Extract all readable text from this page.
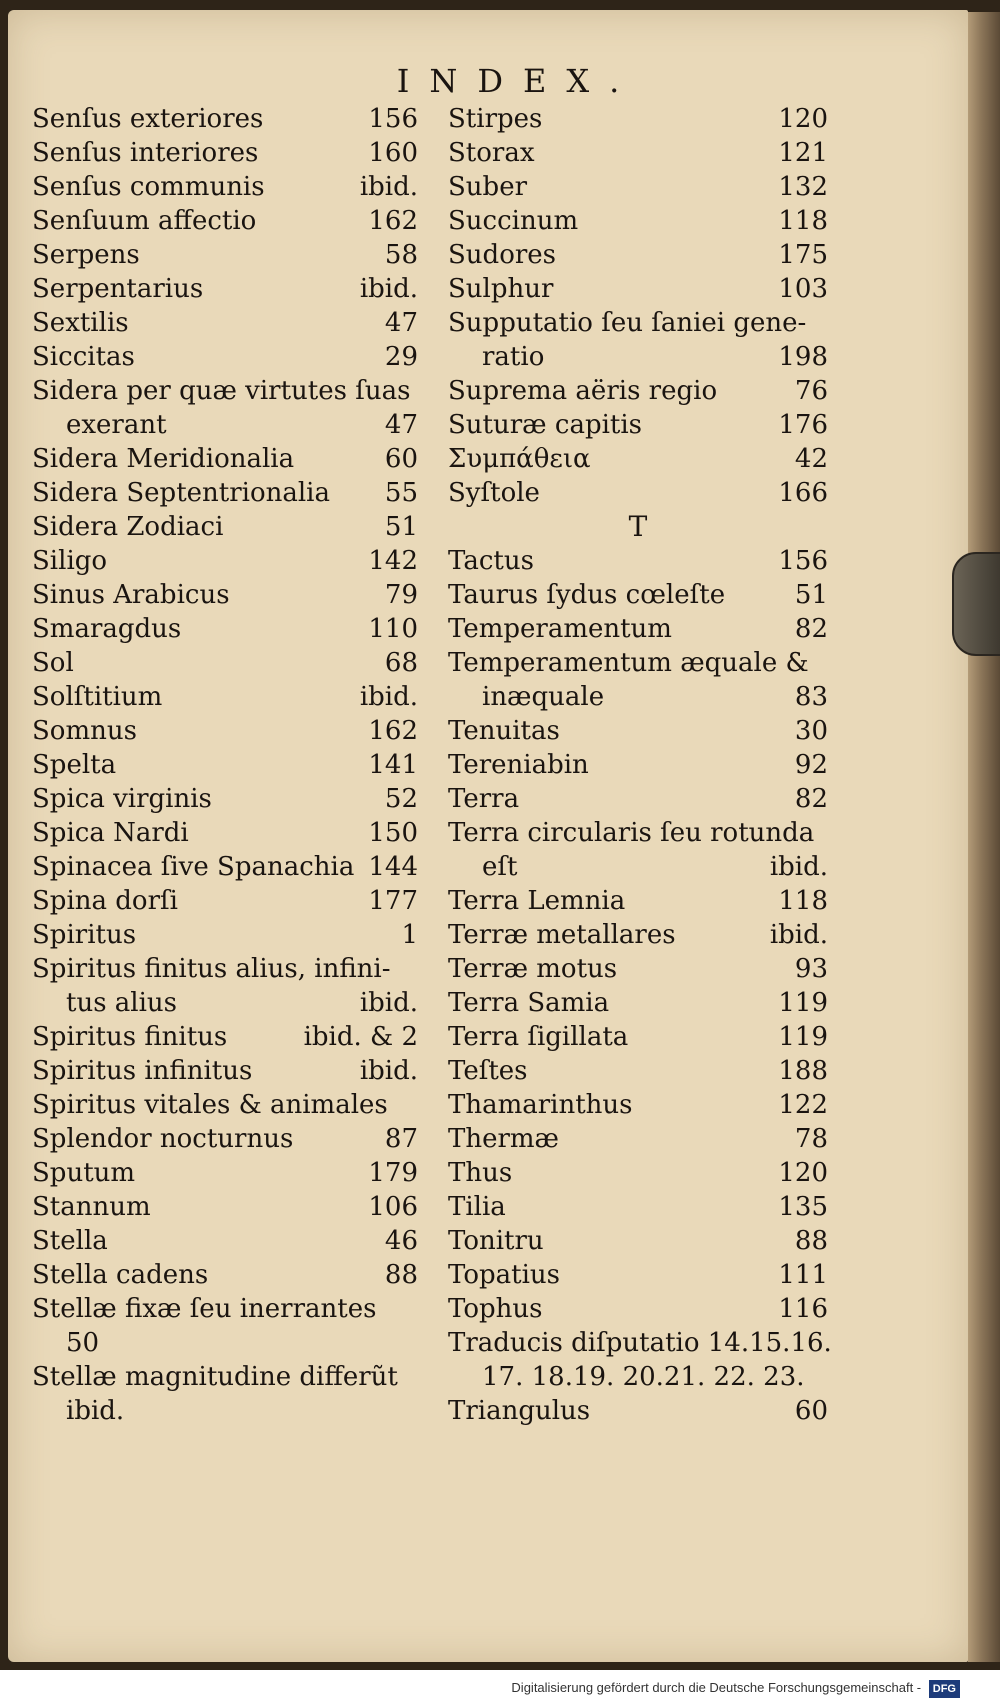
INDEX.
Senſus exteriores	156
Senſus interiores	160
Senſus communis	ibid.
Senſuum affectio	162
Serpens	58
Serpentarius	ibid.
Sextilis	47
Siccitas	29
Sidera per quæ virtutes ſuas
exerant	47
Sidera Meridionalia	60
Sidera Septentrionalia 55
Sidera Zodiaci	51
Siligo	142
Sinus Arabicus	79
Smaragdus	110
Sol	68
Solſtitium	ibid.
Somnus	162
Spelta	141
Spica virginis	52
Spica Nardi	150
Spinacea ſive Spanachia 144
Spina dorſi	177
Spiritus	1
Spiritus finitus alius, infini-
tus alius	ibid.
Spiritus finitus	ibid. & 2
Spiritus infinitus	ibid.
Spiritus vitales & animales
Splendor nocturnus	87
Sputum	179
Stannum	106
Stella	46
Stella cadens	88
Stellæ fixæ ſeu inerrantes
50
Stellæ magnitudine differũt
ibid.
Stirpes	120
Storax	121
Suber	132
Succinum	118
Sudores	175
Sulphur	103
Supputatio ſeu ſaniei gene-
ratio	198
Suprema aëris regio	76
Suturæ capitis	176
Συμπάθεια	42
Syſtole	166
T
Tactus	156
Taurus ſydus cœleſte	51
Temperamentum	82
Temperamentum æquale &
inæquale	83
Tenuitas	30
Tereniabin	92
Terra	82
Terra circularis ſeu rotunda
eſt	ibid.
Terra Lemnia	118
Terræ metallares	ibid.
Terræ motus	93
Terra Samia	119
Terra ſigillata	119
Teſtes	188
Thamarinthus	122
Thermæ	78
Thus	120
Tilia	135
Tonitru	88
Topatius	111
Tophus	116
Traducis diſputatio 14.15.16.
17. 18.19. 20.21. 22. 23.
Triangulus	60
Digitalisierung gefördert durch die Deutsche Forschungsgemeinschaft - DFG
